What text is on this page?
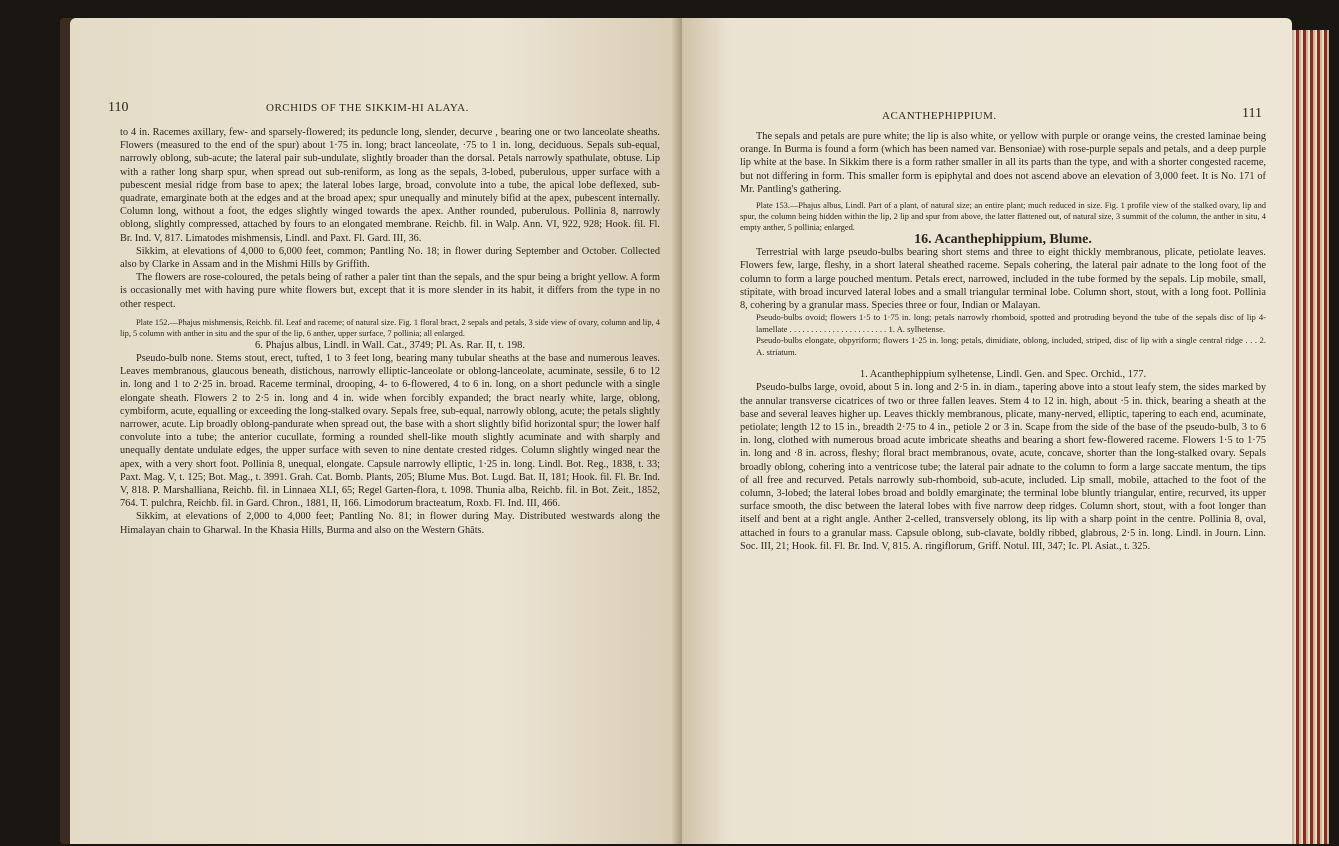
110	ORCHIDS OF THE SIKKIM-HI ALAYA.

to 4 in. Racemes axillary, few- and sparsely-flowered; its peduncle long, slender, decurve , bearing one or two lanceolate sheaths. Flowers (measured to the end of the spur) about 1·75 in. long; bract lanceolate, ·75 to 1 in. long, deciduous. Sepals sub-equal, narrowly oblong, sub-acute; the lateral pair sub-undulate, slightly broader than the dorsal. Petals narrowly spathulate, obtuse. Lip with a rather long sharp spur, when spread out sub-reniform, as long as the sepals, 3-lobed, puberulous, upper surface with a pubescent mesial ridge from base to apex; the lateral lobes large, broad, convolute into a tube, the apical lobe deflexed, sub-quadrate, emarginate both at the edges and at the broad apex; spur unequally and minutely bifid at the apex, pubescent internally. Column long, without a foot, the edges slightly winged towards the apex. Anther rounded, puberulous. Pollinia 8, narrowly oblong, slightly compressed, attached by fours to an elongated membrane. Reichb. fil. in Walp. Ann. VI, 922, 928; Hook. fil. Fl. Br. Ind. V, 817. Limatodes mishmensis, Lindl. and Paxt. Fl. Gard. III, 36.

Sikkim, at elevations of 4,000 to 6,000 feet, common; Pantling No. 18; in flower during September and October. Collected also by Clarke in Assam and in the Mishmi Hills by Griffith.

The flowers are rose-coloured, the petals being of rather a paler tint than the sepals, and the spur being a bright yellow. A form is occasionally met with having pure white flowers but, except that it is more slender in its habit, it differs from the type in no other respect.

Plate 152.—Phajus mishmensis, Reichb. fil. Leaf and raceme; of natural size. Fig. 1 floral bract, 2 sepals and petals, 3 side view of ovary, column and lip, 4 lip, 5 column with anther in situ and the spur of the lip, 6 anther, upper surface, 7 pollinia; all enlarged.

6. Phajus albus, Lindl. in Wall. Cat., 3749; Pl. As. Rar. II, t. 198.

Pseudo-bulb none. Stems stout, erect, tufted, 1 to 3 feet long, bearing many tubular sheaths at the base and numerous leaves. Leaves membranous, glaucous beneath, distichous, narrowly elliptic-lanceolate or oblong-lanceolate, acuminate, sessile, 6 to 12 in. long and 1 to 2·25 in. broad. Raceme terminal, drooping, 4- to 6-flowered, 4 to 6 in. long, on a short peduncle with a single elongate sheath. Flowers 2 to 2·5 in. long and 4 in. wide when forcibly expanded; the bract nearly white, large, oblong, cymbiform, acute, equalling or exceeding the long-stalked ovary. Sepals free, sub-equal, narrowly oblong, acute; the petals slightly narrower, acute. Lip broadly oblong-pandurate when spread out, the base with a short slightly bifid horizontal spur; the lower half convolute into a tube; the anterior cucullate, forming a rounded shell-like mouth slightly acuminate and with sharply and unequally dentate undulate edges, the upper surface with seven to nine dentate crested ridges. Column slightly winged near the apex, with a very short foot. Pollinia 8, unequal, elongate. Capsule narrowly elliptic, 1·25 in. long. Lindl. Bot. Reg., 1838, t. 33; Paxt. Mag. V, t. 125; Bot. Mag., t. 3991. Grah. Cat. Bomb. Plants, 205; Blume Mus. Bot. Lugd. Bat. II, 181; Hook. fil. Fl. Br. Ind. V, 818. P. Marshalliana, Reichb. fil. in Linnaea XLI, 65; Regel Garten-flora, t. 1098. Thunia alba, Reichb. fil. in Bot. Zeit., 1852, 764. T. pulchra, Reichb. fil. in Gard. Chron., 1881, II, 166. Limodorum bracteatum, Roxb. Fl. Ind. III, 466.

Sikkim, at elevations of 2,000 to 4,000 feet; Pantling No. 81; in flower during May. Distributed westwards along the Himalayan chain to Gharwal. In the Khasia Hills, Burma and also on the Western Ghâts.

ACANTHEPHIPPIUM.	111

The sepals and petals are pure white; the lip is also white, or yellow with purple or orange veins, the crested laminae being orange. In Burma is found a form (which has been named var. Bensoniae) with rose-purple sepals and petals, and a deep purple lip white at the base. In Sikkim there is a form rather smaller in all its parts than the type, and with a shorter congested raceme, but not differing in form. This smaller form is epiphytal and does not ascend above an elevation of 3,000 feet. It is No. 171 of Mr. Pantling's gathering.

Plate 153.—Phajus albus, Lindl. Part of a plant, of natural size; an entire plant; much reduced in size. Fig. 1 profile view of the stalked ovary, lip and spur, the column being hidden within the lip, 2 lip and spur from above, the latter flattened out, of natural size, 3 summit of the column, the anther in situ, 4 empty anther, 5 pollinia; enlarged.

16. Acanthephippium, Blume.

Terrestrial with large pseudo-bulbs bearing short stems and three to eight thickly membranous, plicate, petiolate leaves. Flowers few, large, fleshy, in a short lateral sheathed raceme. Sepals cohering, the lateral pair adnate to the long foot of the column to form a large pouched mentum. Petals erect, narrowed, included in the tube formed by the sepals. Lip mobile, small, stipitate, with broad incurved lateral lobes and a small triangular terminal lobe. Column short, stout, with a long foot. Pollinia 8, cohering by a granular mass. Species three or four, Indian or Malayan.

Pseudo-bulbs ovoid; flowers 1·5 to 1·75 in. long; petals narrowly rhomboid, spotted and protruding beyond the tube of the sepals disc of lip 4-lamellate . . . . . . . . . . . . . . . . . . . . . . . 1. A. sylhetense.
Pseudo-bulbs elongate, obpyriform; flowers 1·25 in. long; petals, dimidiate, oblong, included, striped, disc of lip with a single central ridge . . . 2. A. striatum.

1. Acanthephippium sylhetense, Lindl. Gen. and Spec. Orchid., 177.

Pseudo-bulbs large, ovoid, about 5 in. long and 2·5 in. in diam., tapering above into a stout leafy stem, the sides marked by the annular transverse cicatrices of two or three fallen leaves. Stem 4 to 12 in. high, about ·5 in. thick, bearing a sheath at the base and several leaves higher up. Leaves thickly membranous, plicate, many-nerved, elliptic, tapering to each end, acuminate, petiolate; length 12 to 15 in., breadth 2·75 to 4 in., petiole 2 or 3 in. Scape from the side of the base of the pseudo-bulb, 3 to 6 in. long, clothed with numerous broad acute imbricate sheaths and bearing a short few-flowered raceme. Flowers 1·5 to 1·75 in. long and ·8 in. across, fleshy; floral bract membranous, ovate, acute, concave, shorter than the long-stalked ovary. Sepals broadly oblong, cohering into a ventricose tube; the lateral pair adnate to the column to form a large saccate mentum, the tips of all free and recurved. Petals narrowly sub-rhomboid, sub-acute, included. Lip small, mobile, attached to the foot of the column, 3-lobed; the lateral lobes broad and boldly emarginate; the terminal lobe bluntly triangular, entire, recurved, its upper surface smooth, the disc between the lateral lobes with five narrow deep ridges. Column short, stout, with a foot longer than itself and bent at a right angle. Anther 2-celled, transversely oblong, its lip with a sharp point in the centre. Pollinia 8, oval, attached in fours to a granular mass. Capsule oblong, sub-clavate, boldly ribbed, glabrous, 2·5 in. long. Lindl. in Journ. Linn. Soc. III, 21; Hook. fil. Fl. Br. Ind. V, 815. A. ringiflorum, Griff. Notul. III, 347; Ic. Pl. Asiat., t. 325.
